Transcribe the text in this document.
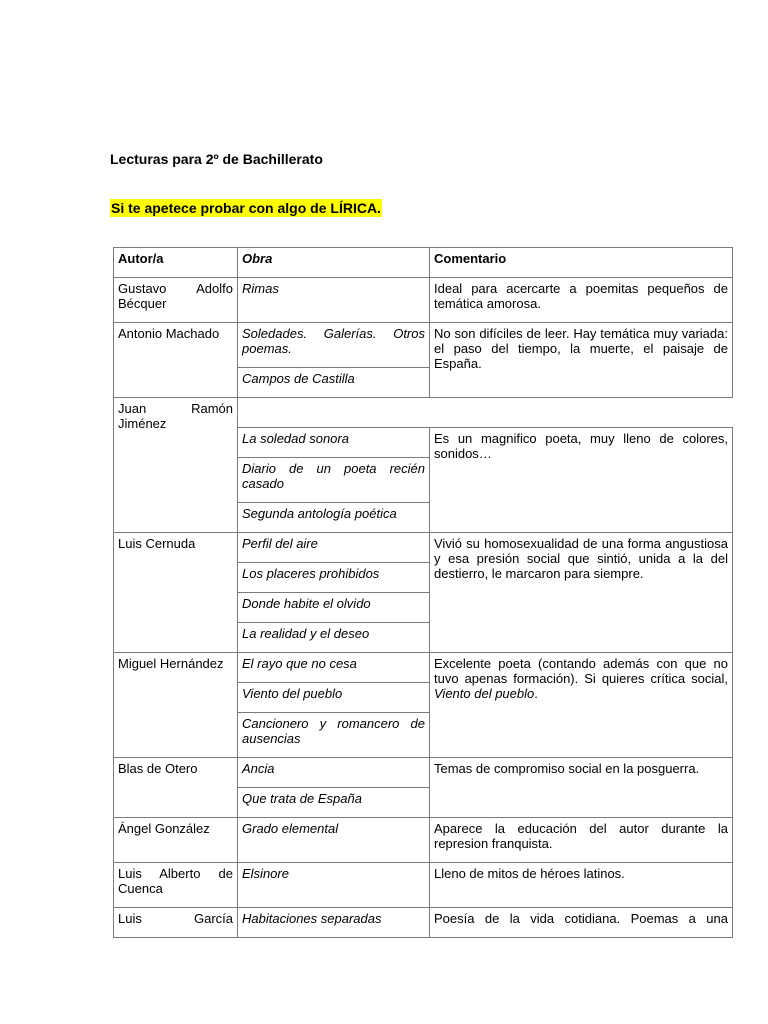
Lecturas para 2º de Bachillerato
Si te apetece probar con algo de LÍRICA.
Autor/a	Obra	Comentario

Gustavo Adolfo
Bécquer	Rimas	Ideal para acercarte a poemitas pequeños de temática amorosa.
Antonio Machado	Soledades. Galerías. Otros poemas.	No son difíciles de leer. Hay temática muy variada: el paso del tiempo, la muerte, el paisaje de España.
	Campos de Castilla	

Juan Ramón
Jiménez		

	La soledad sonora	Es un magnifico poeta, muy lleno de colores, sonidos…
	Diario de un poeta recién casado	
	Segunda antología poética	
Luis Cernuda	Perfil del aire	Vivió su homosexualidad de una forma angustiosa y esa presión social que sintió, unida a la del destierro, le marcaron para siempre.
	Los placeres prohibidos	
	Donde habite el olvido	
	La realidad y el deseo	
Miguel Hernández	El rayo que no cesa	Excelente poeta (contando además con que no tuvo apenas formación). Si quieres crítica social, Viento del pueblo.
	Viento del pueblo	
	Cancionero y romancero de ausencias	
Blas de Otero	Ancia	Temas de compromiso social en la posguerra.
	Que trata de España	
Ángel González	Grado elemental	Aparece la educación del autor durante la represion franquista.

Luis Alberto de
Cuenca	Elsinore	Lleno de mitos de héroes latinos.
Luis García	Habitaciones separadas	Poesía de la vida cotidiana. Poemas a una
